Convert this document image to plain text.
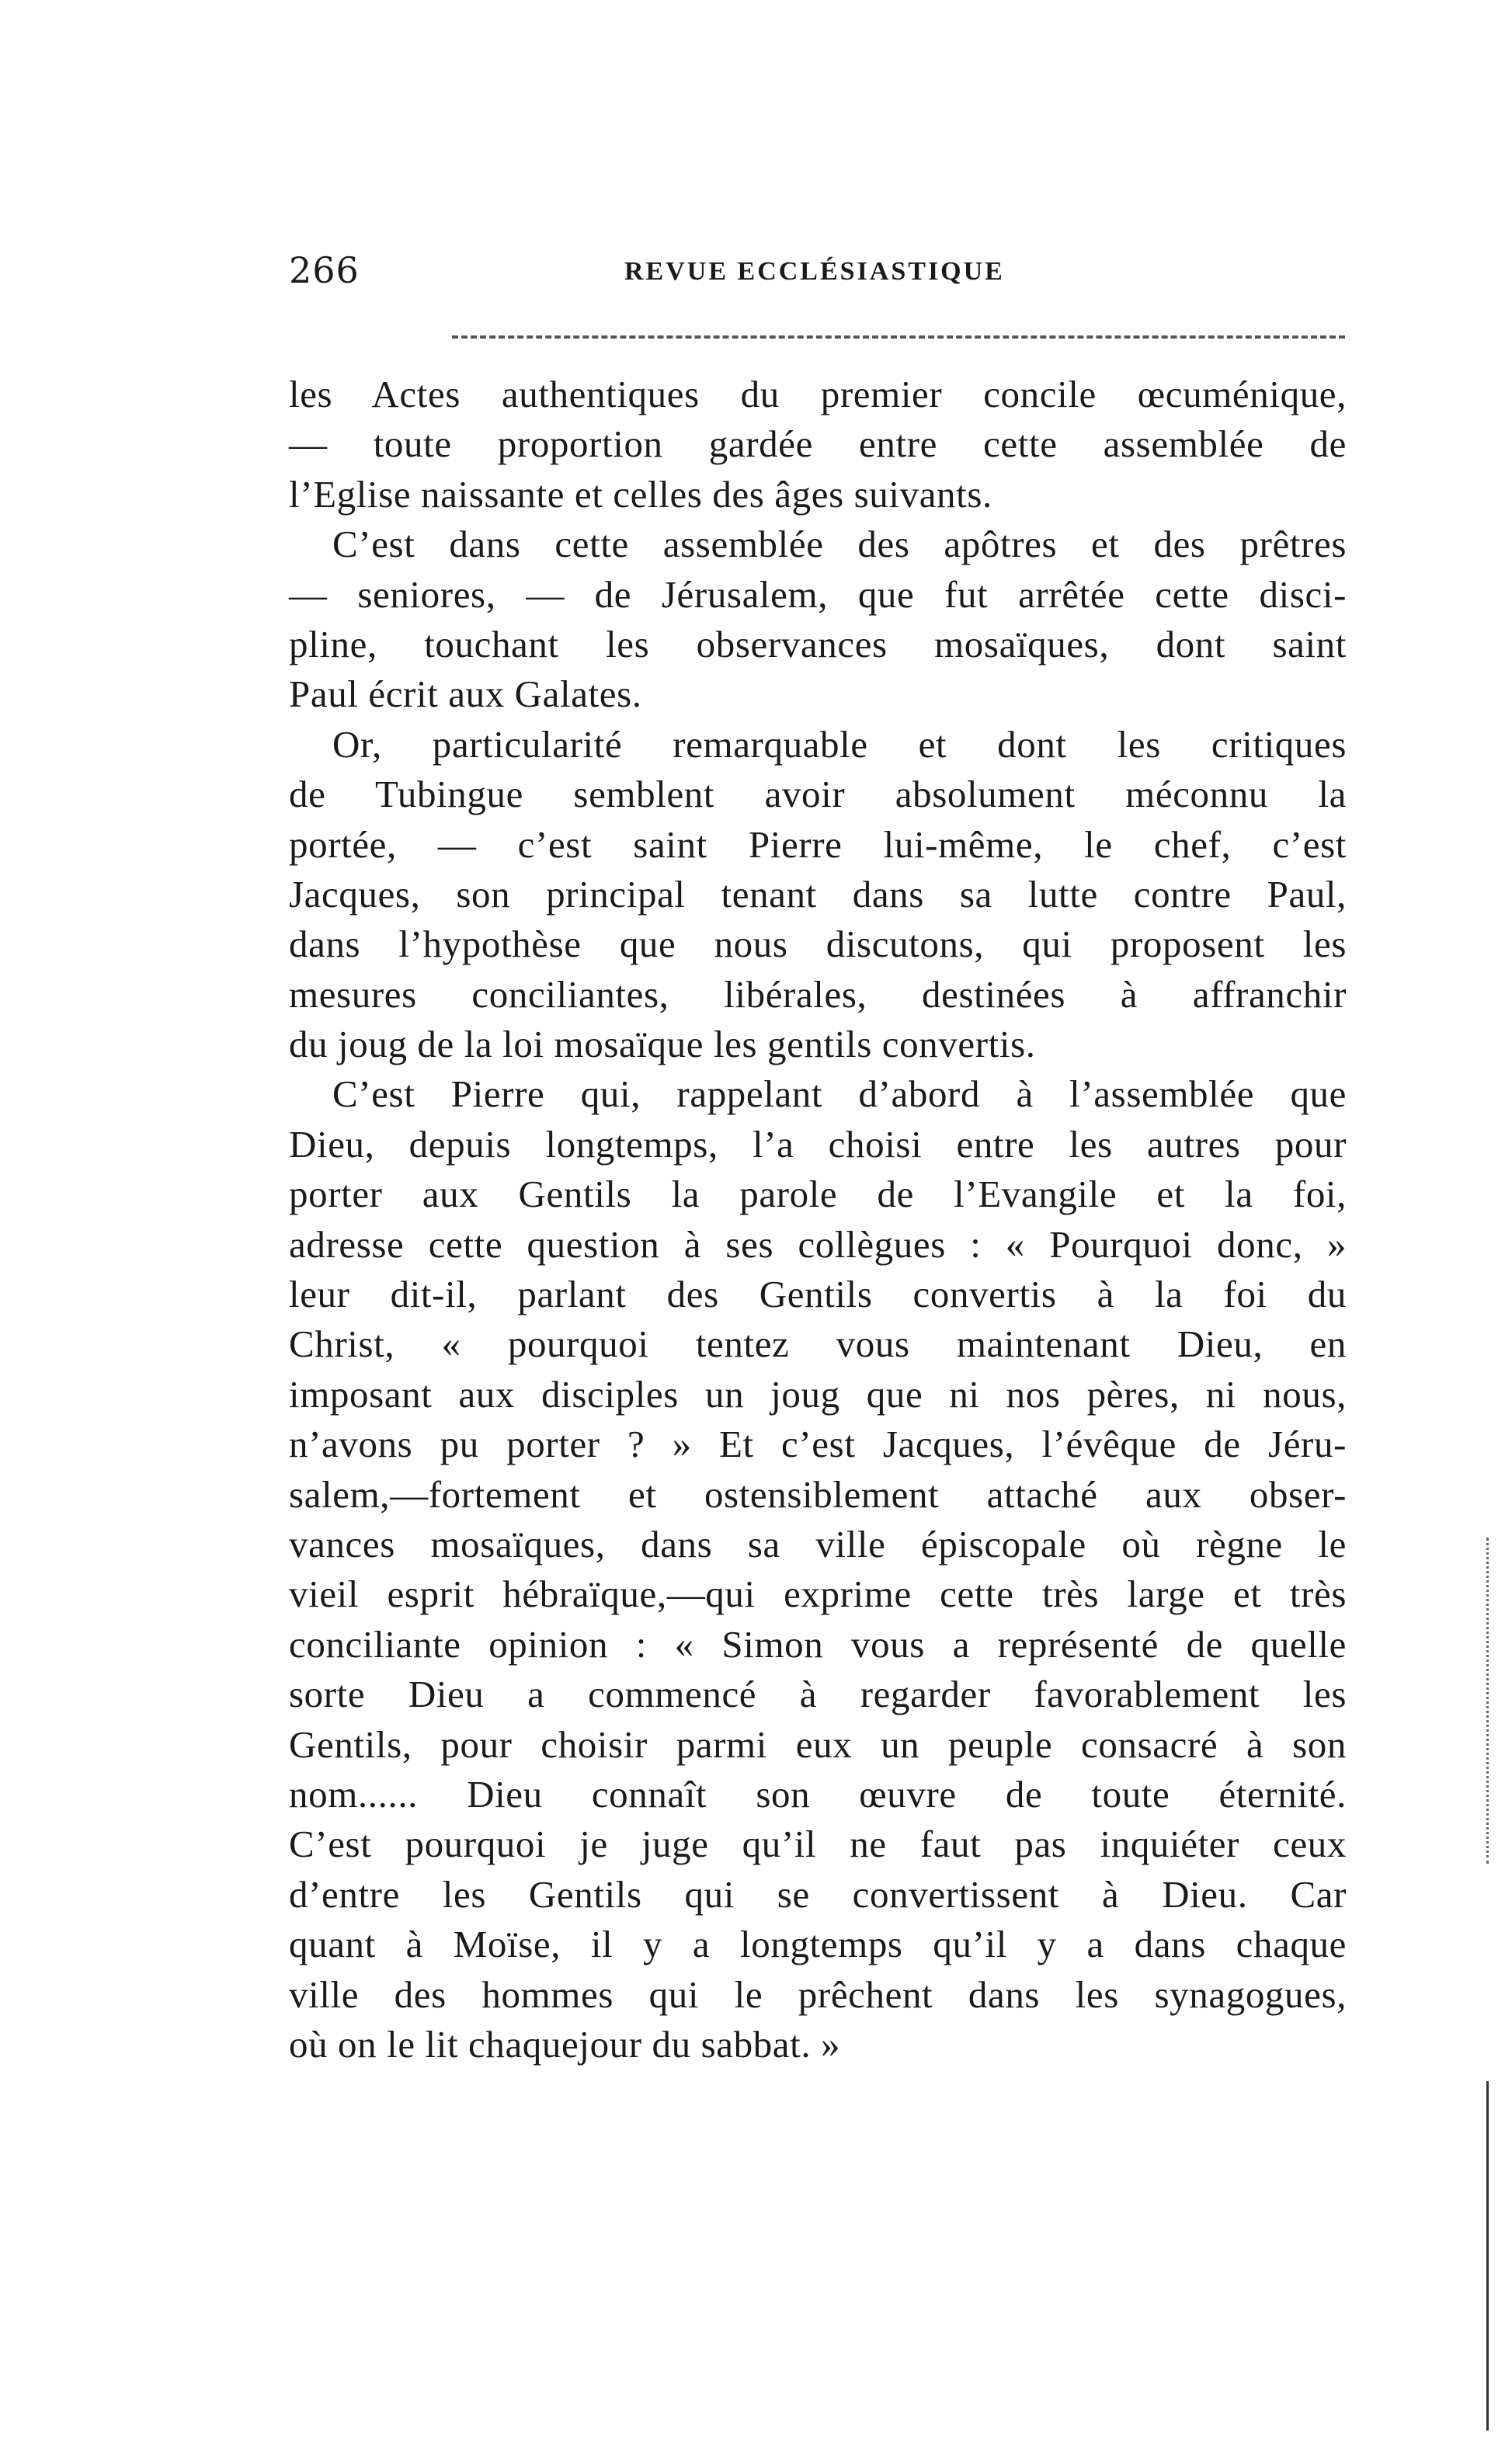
266	REVUE ECCLÉSIASTIQUE
les Actes authentiques du premier concile œcuménique,
— toute proportion gardée entre cette assemblée de
l’Eglise naissante et celles des âges suivants.
C’est dans cette assemblée des apôtres et des prêtres
— seniores, — de Jérusalem, que fut arrêtée cette disci-
pline, touchant les observances mosaïques, dont saint
Paul écrit aux Galates.
Or, particularité remarquable et dont les critiques
de Tubingue semblent avoir absolument méconnu la
portée, — c’est saint Pierre lui-même, le chef, c’est
Jacques, son principal tenant dans sa lutte contre Paul,
dans l’hypothèse que nous discutons, qui proposent les
mesures conciliantes, libérales, destinées à affranchir
du joug de la loi mosaïque les gentils convertis.
C’est Pierre qui, rappelant d’abord à l’assemblée que
Dieu, depuis longtemps, l’a choisi entre les autres pour
porter aux Gentils la parole de l’Evangile et la foi,
adresse cette question à ses collègues : « Pourquoi donc, »
leur dit-il, parlant des Gentils convertis à la foi du
Christ, « pourquoi tentez vous maintenant Dieu, en
imposant aux disciples un joug que ni nos pères, ni nous,
n’avons pu porter ? » Et c’est Jacques, l’évêque de Jéru-
salem,—fortement et ostensiblement attaché aux obser-
vances mosaïques, dans sa ville épiscopale où règne le
vieil esprit hébraïque,—qui exprime cette très large et très
conciliante opinion : « Simon vous a représenté de quelle
sorte Dieu a commencé à regarder favorablement les
Gentils, pour choisir parmi eux un peuple consacré à son
nom...... Dieu connaît son œuvre de toute éternité.
C’est pourquoi je juge qu’il ne faut pas inquiéter ceux
d’entre les Gentils qui se convertissent à Dieu. Car
quant à Moïse, il y a longtemps qu’il y a dans chaque
ville des hommes qui le prêchent dans les synagogues,
où on le lit chaquejour du sabbat. »
